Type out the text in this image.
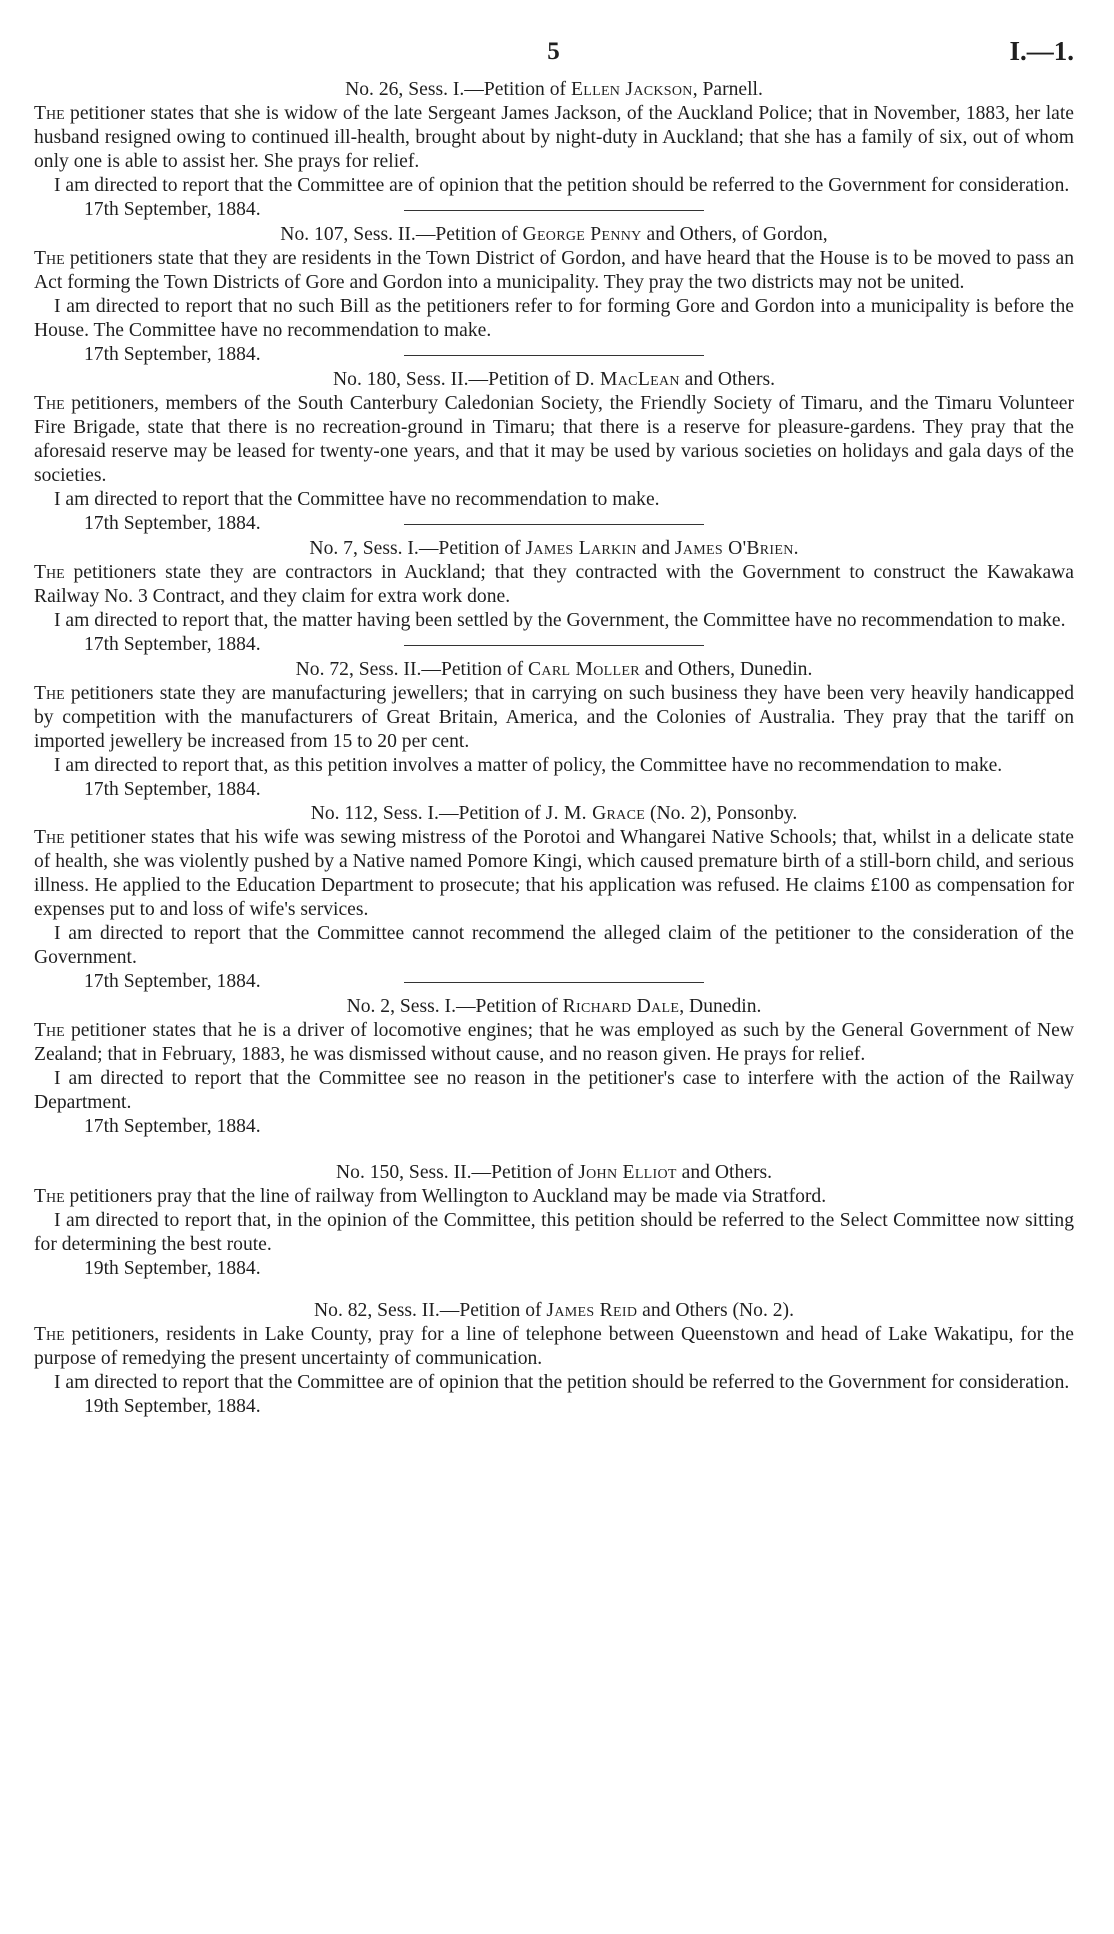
5	I.—1.
No. 26, Sess. I.—Petition of Ellen Jackson, Parnell.

The petitioner states that she is widow of the late Sergeant James Jackson, of the Auckland Police; that in November, 1883, her late husband resigned owing to continued ill-health, brought about by night-duty in Auckland; that she has a family of six, out of whom only one is able to assist her. She prays for relief.

I am directed to report that the Committee are of opinion that the petition should be referred to the Government for consideration.

17th September, 1884.

No. 107, Sess. II.—Petition of George Penny and Others, of Gordon,

The petitioners state that they are residents in the Town District of Gordon, and have heard that the House is to be moved to pass an Act forming the Town Districts of Gore and Gordon into a municipality. They pray the two districts may not be united.

I am directed to report that no such Bill as the petitioners refer to for forming Gore and Gordon into a municipality is before the House. The Committee have no recommendation to make.

17th September, 1884.

No. 180, Sess. II.—Petition of D. MacLean and Others.

The petitioners, members of the South Canterbury Caledonian Society, the Friendly Society of Timaru, and the Timaru Volunteer Fire Brigade, state that there is no recreation-ground in Timaru; that there is a reserve for pleasure-gardens. They pray that the aforesaid reserve may be leased for twenty-one years, and that it may be used by various societies on holidays and gala days of the societies.

I am directed to report that the Committee have no recommendation to make.

17th September, 1884.

No. 7, Sess. I.—Petition of James Larkin and James O'Brien.

The petitioners state they are contractors in Auckland; that they contracted with the Government to construct the Kawakawa Railway No. 3 Contract, and they claim for extra work done.

I am directed to report that, the matter having been settled by the Government, the Committee have no recommendation to make.

17th September, 1884.

No. 72, Sess. II.—Petition of Carl Moller and Others, Dunedin.

The petitioners state they are manufacturing jewellers; that in carrying on such business they have been very heavily handicapped by competition with the manufacturers of Great Britain, America, and the Colonies of Australia. They pray that the tariff on imported jewellery be increased from 15 to 20 per cent.

I am directed to report that, as this petition involves a matter of policy, the Committee have no recommendation to make.

17th September, 1884.

No. 112, Sess. I.—Petition of J. M. Grace (No. 2), Ponsonby.

The petitioner states that his wife was sewing mistress of the Porotoi and Whangarei Native Schools; that, whilst in a delicate state of health, she was violently pushed by a Native named Pomore Kingi, which caused premature birth of a still-born child, and serious illness. He applied to the Education Department to prosecute; that his application was refused. He claims £100 as compensation for expenses put to and loss of wife's services.

I am directed to report that the Committee cannot recommend the alleged claim of the petitioner to the consideration of the Government.

17th September, 1884.

No. 2, Sess. I.—Petition of Richard Dale, Dunedin.

The petitioner states that he is a driver of locomotive engines; that he was employed as such by the General Government of New Zealand; that in February, 1883, he was dismissed without cause, and no reason given. He prays for relief.

I am directed to report that the Committee see no reason in the petitioner's case to interfere with the action of the Railway Department.

17th September, 1884.

No. 150, Sess. II.—Petition of John Elliot and Others.

The petitioners pray that the line of railway from Wellington to Auckland may be made via Stratford.

I am directed to report that, in the opinion of the Committee, this petition should be referred to the Select Committee now sitting for determining the best route.

19th September, 1884.

No. 82, Sess. II.—Petition of James Reid and Others (No. 2).

The petitioners, residents in Lake County, pray for a line of telephone between Queenstown and head of Lake Wakatipu, for the purpose of remedying the present uncertainty of communication.

I am directed to report that the Committee are of opinion that the petition should be referred to the Government for consideration.

19th September, 1884.
